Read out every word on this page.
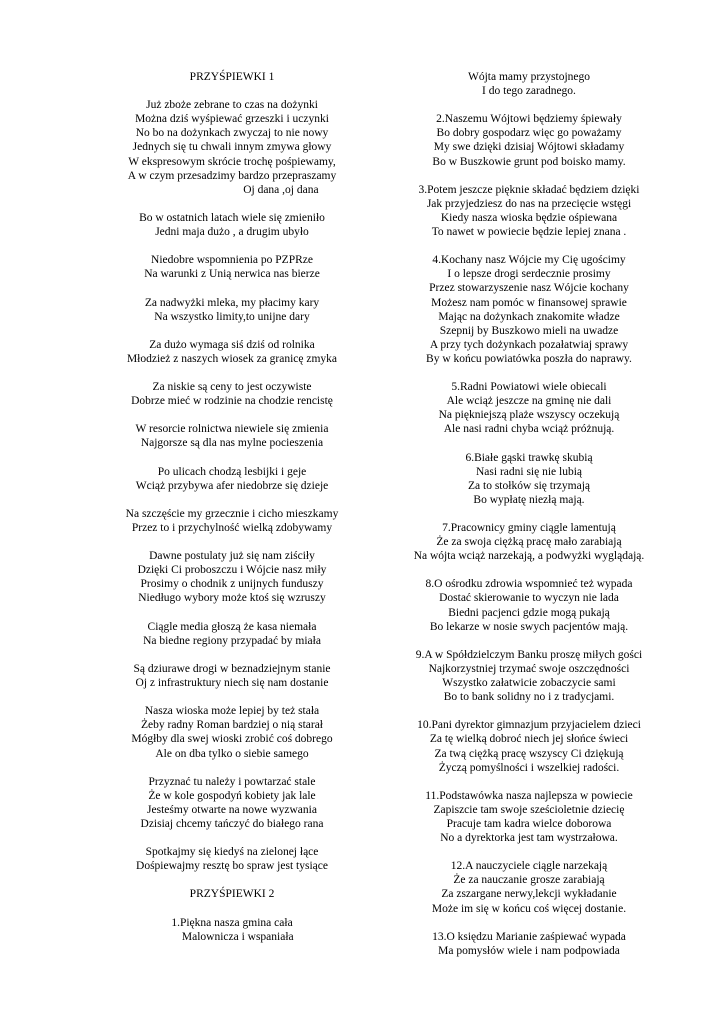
PRZYŚPIEWKI 1
Już zboże zebrane to czas na dożynki
Można dziś wyśpiewać grzeszki i uczynki
No bo na dożynkach zwyczaj to nie nowy
Jednych się tu chwali innym zmywa głowy
W ekspresowym skrócie trochę pośpiewamy,
A w czym przesadzimy bardzo przepraszamy
Oj dana ,oj dana
Bo w ostatnich latach wiele się zmieniło
Jedni maja dużo , a drugim ubyło
Niedobre wspomnienia po PZPRze
Na warunki z Unią nerwica nas bierze
Za nadwyżki mleka, my płacimy kary
Na wszystko limity,to unijne dary
Za dużo wymaga siś dziś od rolnika
Młodzież z naszych wiosek za granicę zmyka
Za niskie są ceny to jest oczywiste
Dobrze mieć w rodzinie na chodzie rencistę
W resorcie rolnictwa niewiele się zmienia
Najgorsze są dla nas mylne pocieszenia
Po ulicach chodzą lesbijki i geje
Wciąż przybywa afer niedobrze się dzieje
Na szczęście my grzecznie i cicho mieszkamy
Przez to i przychylność wielką zdobywamy
Dawne postulaty już się nam ziściły
Dzięki Ci proboszczu i Wójcie nasz miły
Prosimy o chodnik z unijnych funduszy
Niedługo wybory może ktoś się wzruszy
Ciągle media głoszą że kasa niemała
Na biedne regiony przypadać by miała
Są dziurawe drogi w beznadziejnym stanie
Oj z infrastruktury niech się nam dostanie
Nasza wioska może lepiej by też stała
Żeby radny Roman bardziej o nią starał
Mógłby dla swej wioski zrobić coś dobrego
Ale on dba tylko o siebie samego
Przyznać tu należy i powtarzać stale
Że w kole gospodyń kobiety jak lale
Jesteśmy otwarte na nowe wyzwania
Dzisiaj chcemy tańczyć do białego rana
Spotkajmy się kiedyś na zielonej łące
Dośpiewajmy resztę bo spraw jest tysiące
PRZYŚPIEWKI 2
1.Piękna nasza gmina cała
Malownicza i wspaniała
Wójta mamy przystojnego
I do tego zaradnego.
2.Naszemu Wójtowi będziemy śpiewały
Bo dobry gospodarz więc go poważamy
My swe dzięki dzisiaj Wójtowi składamy
Bo w Buszkowie grunt pod boisko mamy.
3.Potem jeszcze pięknie składać będziem dzięki
Jak przyjedziesz do nas na przecięcie wstęgi
Kiedy nasza wioska będzie ośpiewana
To nawet w powiecie będzie lepiej znana .
4.Kochany nasz Wójcie my Cię ugościmy
I o lepsze drogi serdecznie prosimy
Przez stowarzyszenie nasz Wójcie kochany
Możesz nam pomóc w finansowej sprawie
Mając na dożynkach znakomite władze
Szepnij by Buszkowo mieli na uwadze
A przy tych dożynkach pozałatwiaj sprawy
By w końcu powiatówka poszła do naprawy.
5.Radni Powiatowi wiele obiecali
Ale wciąż jeszcze na gminę nie dali
Na piękniejszą plaże wszyscy oczekują
Ale nasi radni chyba wciąż próżnują.
6.Białe gąski trawkę skubią
Nasi radni się nie lubią
Za to stołków się trzymają
Bo wypłatę niezłą mają.
7.Pracownicy gminy ciągle lamentują
Że za swoja ciężką pracę mało zarabiają
Na wójta wciąż narzekają, a podwyżki wyglądają.
8.O ośrodku zdrowia wspomnieć też wypada
Dostać skierowanie to wyczyn nie lada
Biedni pacjenci gdzie mogą pukają
Bo lekarze w nosie swych pacjentów mają.
9.A w Spółdzielczym Banku proszę miłych gości
Najkorzystniej trzymać swoje oszczędności
Wszystko załatwicie zobaczycie sami
Bo to bank solidny no i z tradycjami.
10.Pani dyrektor gimnazjum przyjacielem dzieci
Za tę wielką dobroć niech jej słońce świeci
Za twą ciężką pracę wszyscy Ci dziękują
Życzą pomyślności i wszelkiej radości.
11.Podstawówka nasza najlepsza w powiecie
Zapiszcie tam swoje sześcioletnie dziecię
Pracuje tam kadra wielce doborowa
No a dyrektorka jest tam wystrzałowa.
12.A nauczyciele ciągle narzekają
Że za nauczanie grosze zarabiają
Za zszargane nerwy,lekcji wykładanie
Może im się w końcu coś więcej dostanie.
13.O księdzu Marianie zaśpiewać wypada
Ma pomysłów wiele i nam podpowiada
